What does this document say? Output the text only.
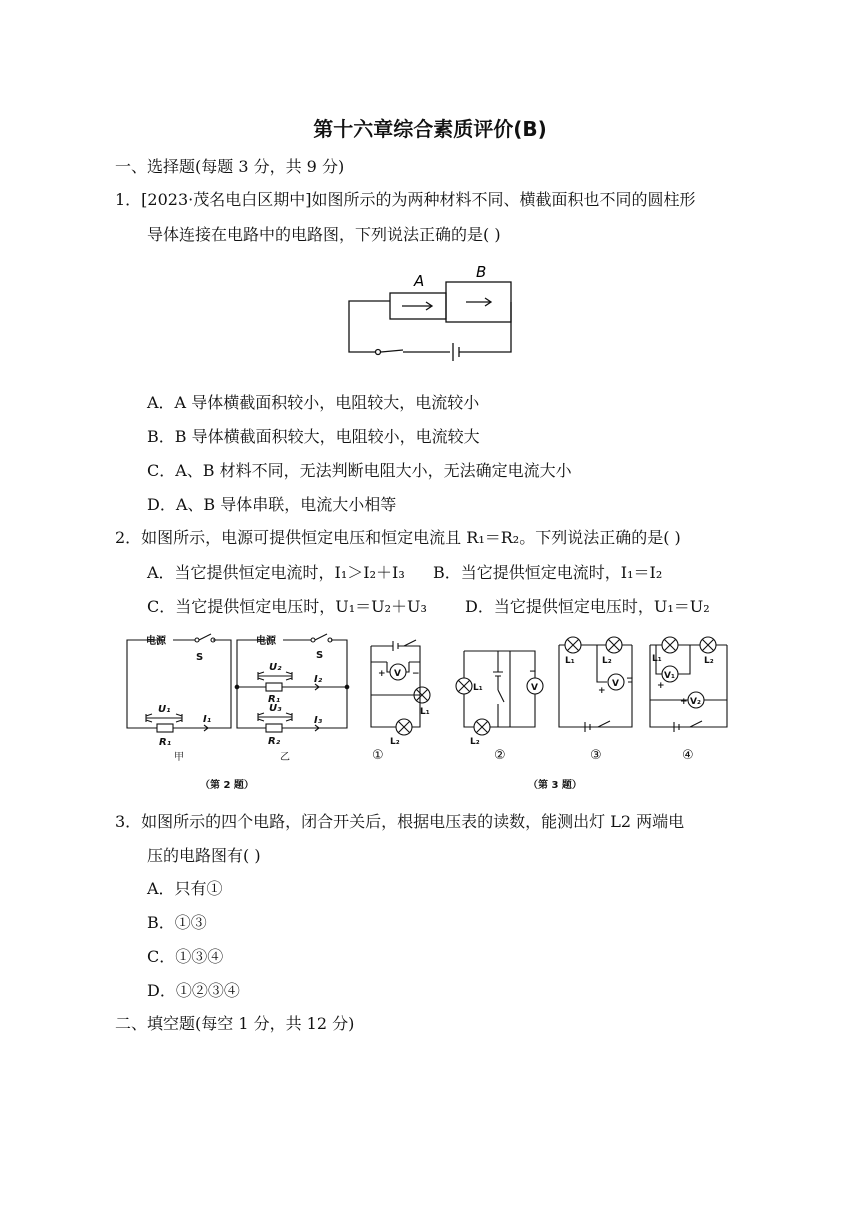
第十六章综合素质评价(B)
一、选择题(每题 3 分，共 9 分)
1．[2023·茂名电白区期中]如图所示的为两种材料不同、横截面积也不同的圆柱形
导体连接在电路中的电路图，下列说法正确的是( )
A	B
A．A 导体横截面积较小，电阻较大，电流较小
B．B 导体横截面积较大，电阻较小，电流较大
C．A、B 材料不同，无法判断电阻大小，无法确定电流大小
D．A、B 导体串联，电流大小相等
2．如图所示，电源可提供恒定电压和恒定电流且 R₁＝R₂。下列说法正确的是( )
A．当它提供恒定电流时，I₁＞I₂＋I₃ B．当它提供恒定电流时，I₁＝I₂
C．当它提供恒定电压时，U₁＝U₂＋U₃ D．当它提供恒定电压时，U₁＝U₂
电源
S
U₁
I₁
R₁
甲
电源
S
U₂
I₂
R₁
U₃
I₃
R₂
乙
（第 2 题）
V
+	−
L₁
L₂
L₁
L₂
V
−
L₁	L₂
V
+
−
L₁	L₂
V₁
+
V₂
+
①	②	③	④
（第 3 题）
3．如图所示的四个电路，闭合开关后，根据电压表的读数，能测出灯 L2 两端电
压的电路图有( )
A．只有①
B．①③
C．①③④
D．①②③④
二、填空题(每空 1 分，共 12 分)
